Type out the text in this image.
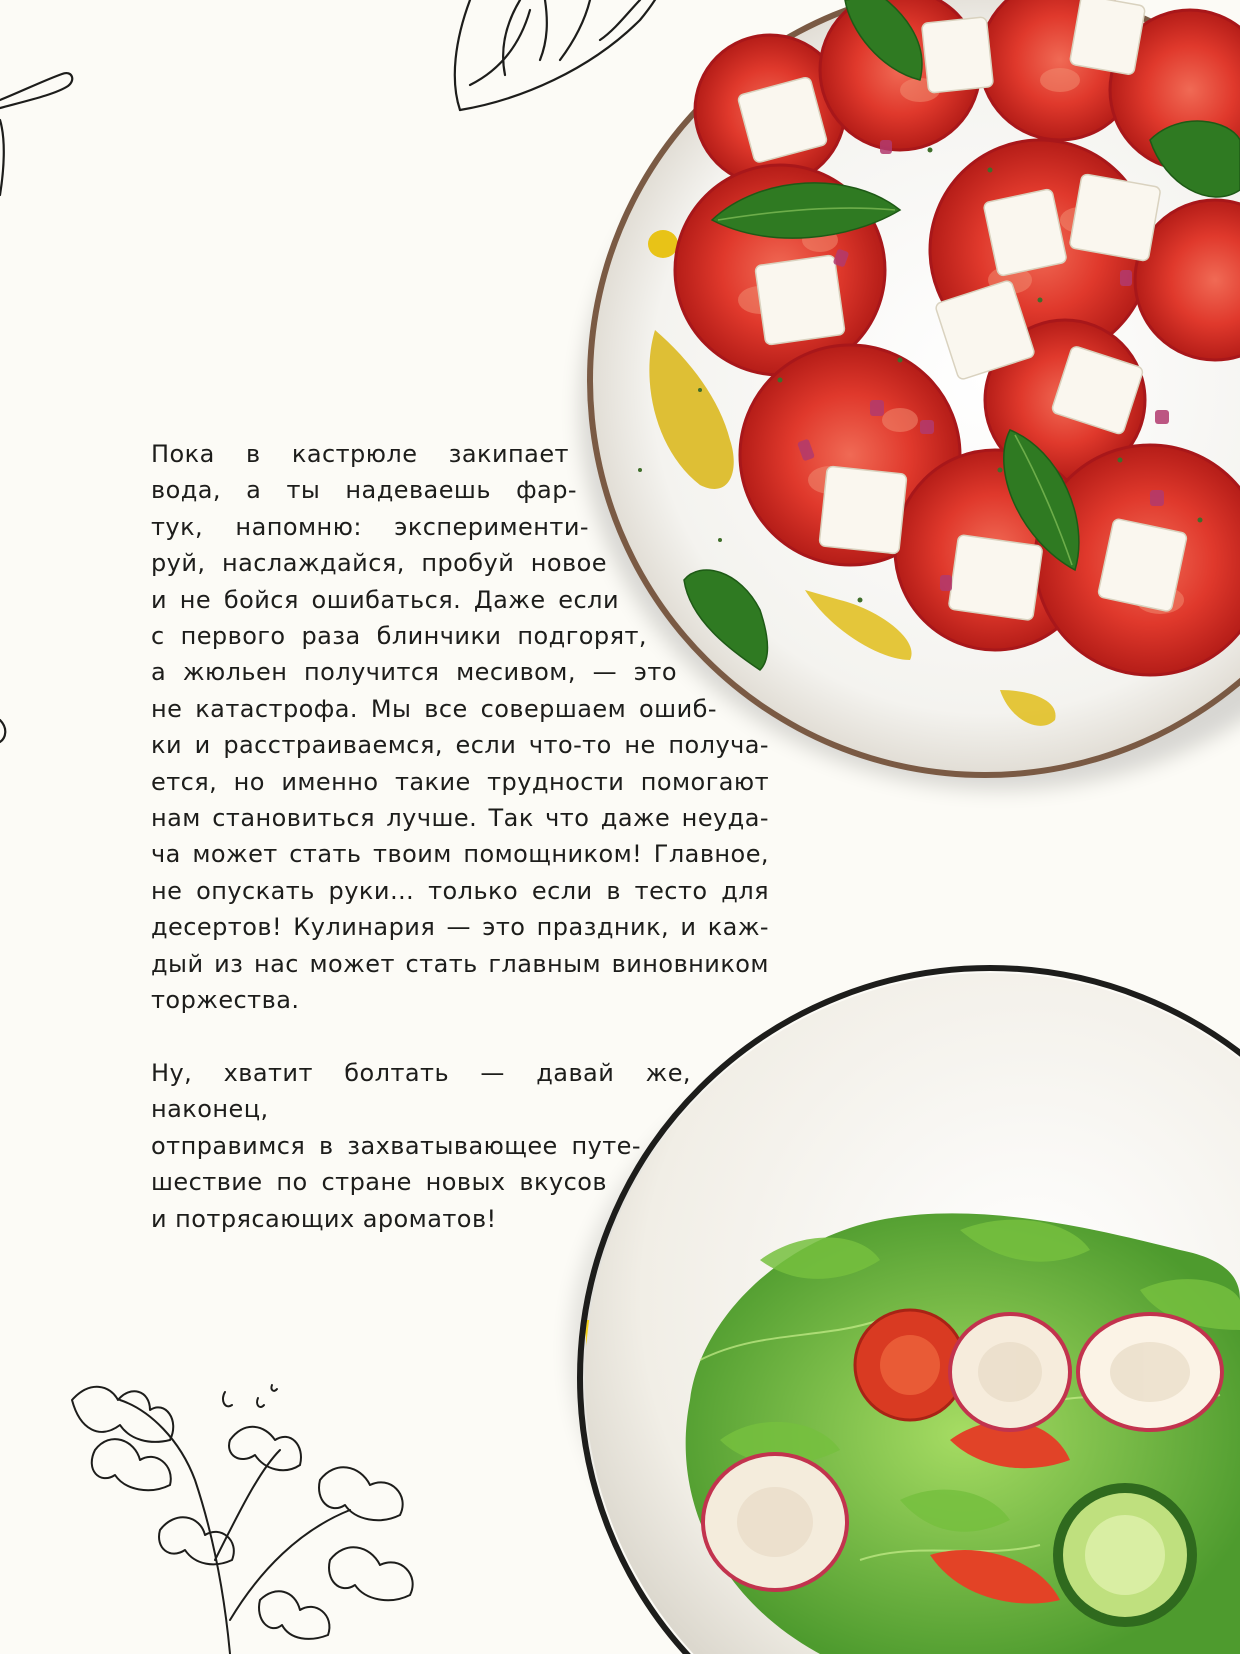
Пока в кастрюле закипает
вода, а ты надеваешь фар-
тук, напомню: эксперименти-
руй, наслаждайся, пробуй новое
и не бойся ошибаться. Даже если
с первого раза блинчики подгорят,
а жюльен получится месивом, — это
не катастрофа. Мы все совершаем ошиб-
ки и расстраиваемся, если что-то не получа-
ется, но именно такие трудности помогают
нам становиться лучше. Так что даже неуда-
ча может стать твоим помощником! Главное,
не опускать руки… только если в тесто для
десертов! Кулинария — это праздник, и каж-
дый из нас может стать главным виновником
торжества.
Ну, хватит болтать — давай же, наконец,
отправимся в захватывающее путе-
шествие по стране новых вкусов
и потрясающих ароматов!
